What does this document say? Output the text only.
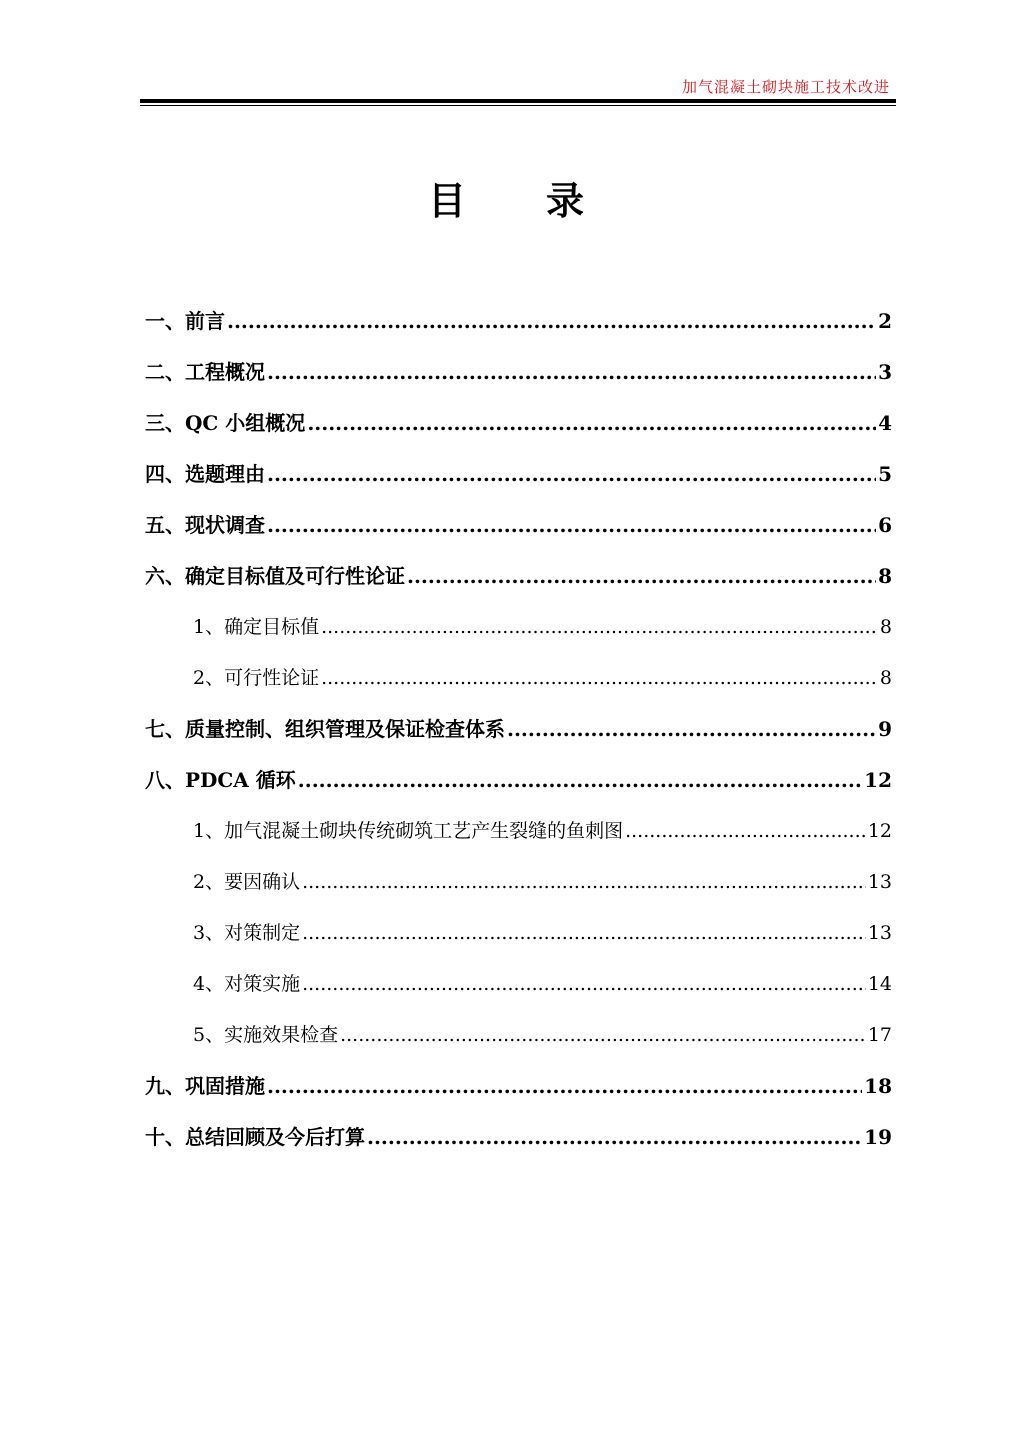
加气混凝土砌块施工技术改进
目 录
一、前言 .....	2
二、工程概况 .....	3
三、QC 小组概况 .....	4
四、选题理由 .....	5
五、现状调查 .....	6
六、确定目标值及可行性论证 .....	8
1、确定目标值 .....	8
2、可行性论证 .....	8
七、质量控制、组织管理及保证检查体系 .....	9
八、PDCA 循环 .....	12
1、加气混凝土砌块传统砌筑工艺产生裂缝的鱼刺图 .....	12
2、要因确认 .....	13
3、对策制定 .....	13
4、对策实施 .....	14
5、实施效果检查 .....	17
九、巩固措施 .....	18
十、总结回顾及今后打算 .....	19
